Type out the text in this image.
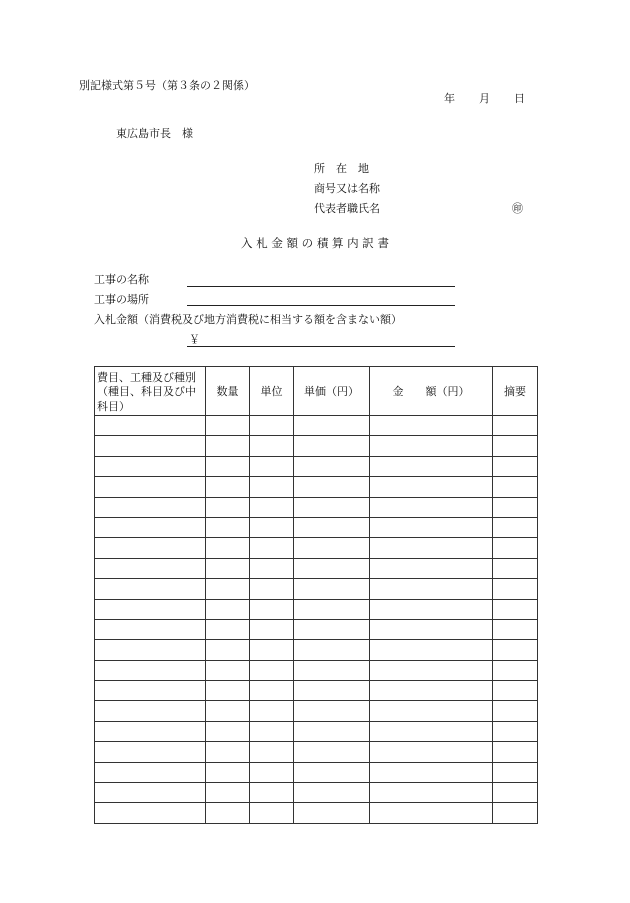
別記様式第５号（第３条の２関係）
年 月 日
東広島市長　様
所　在　地
商号又は名称
代表者職氏名	㊞
入 札 金 額 の 積 算 内 訳 書
工事の名称
工事の場所
入札金額（消費税及び地方消費税に相当する額を含まない額）
￥
費目、工種及び種別（種目、科目及び中科目）	数量	単位	単価（円）	金　　額（円）	摘要
